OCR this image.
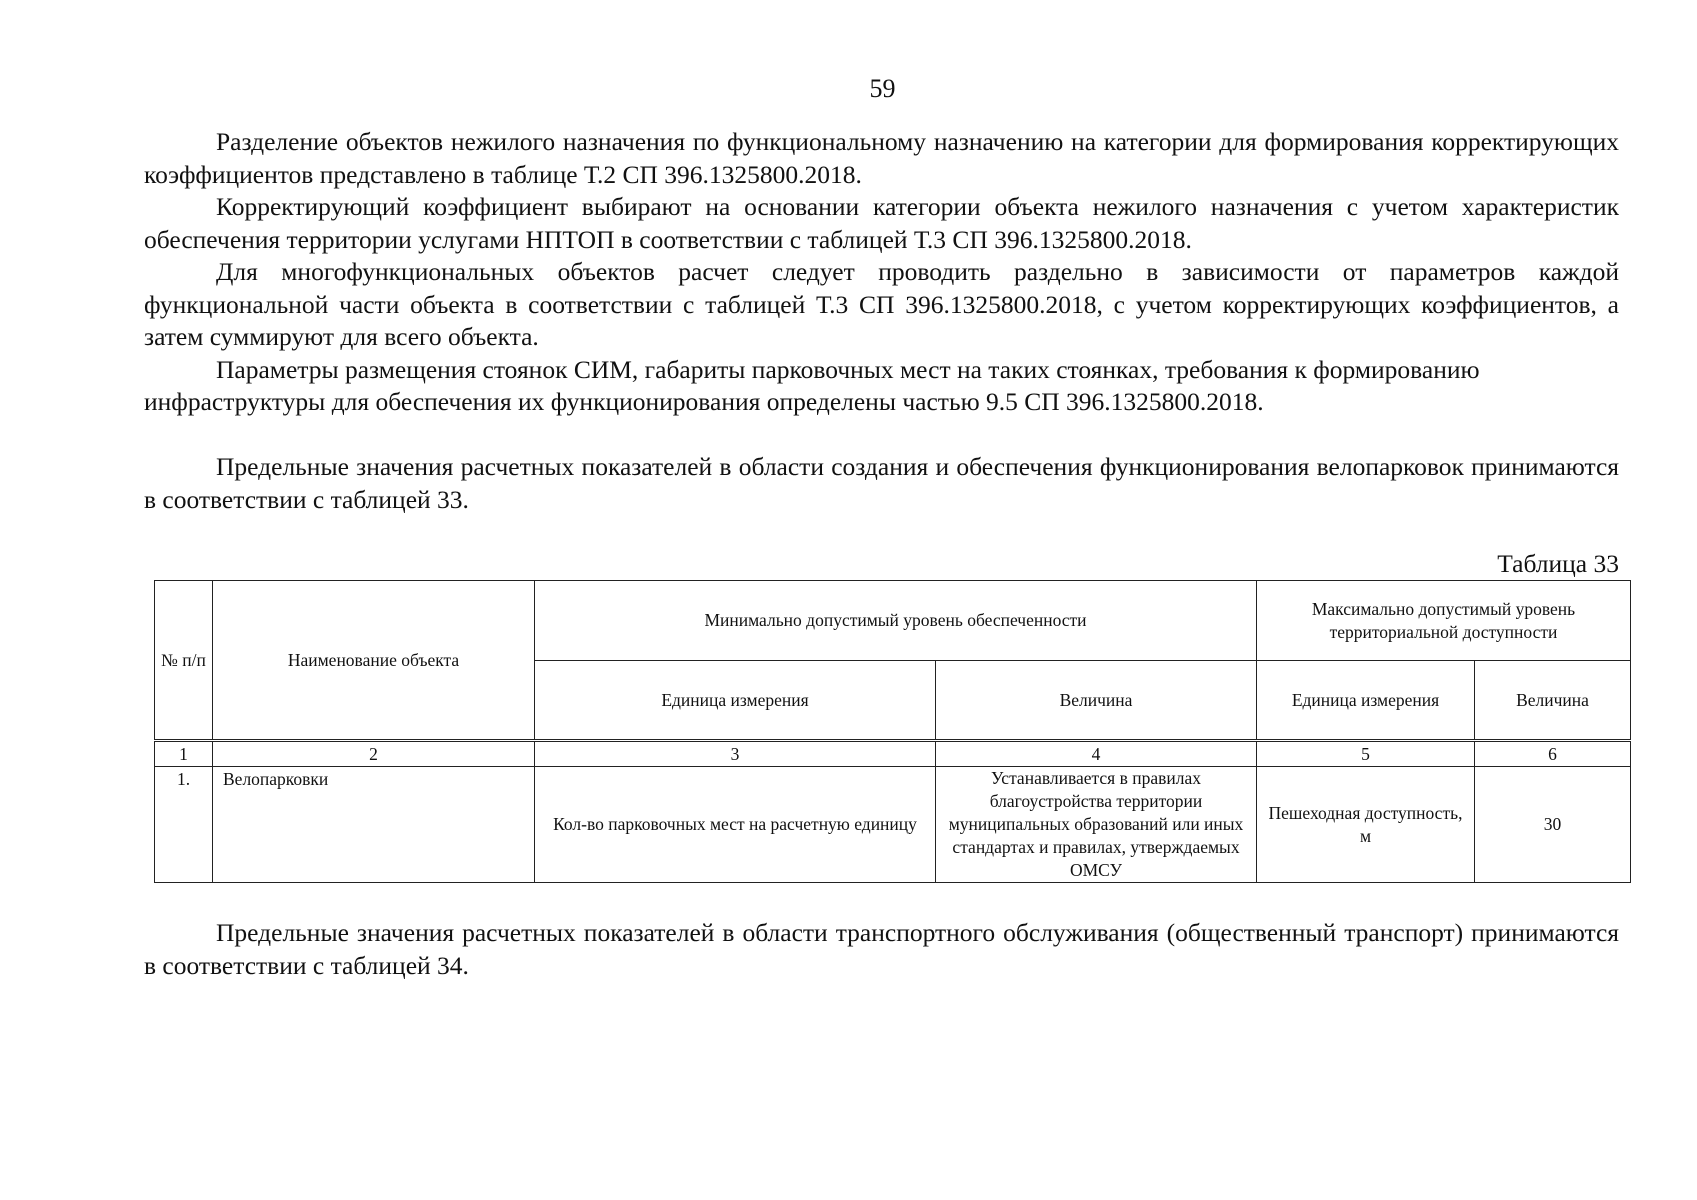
59

Разделение объектов нежилого назначения по функциональному назначению на категории для формирования корректирующих коэффициентов представлено в таблице Т.2 СП 396.1325800.2018.

Корректирующий коэффициент выбирают на основании категории объекта нежилого назначения с учетом характеристик обеспечения территории услугами НПТОП в соответствии с таблицей Т.3 СП 396.1325800.2018.

Для многофункциональных объектов расчет следует проводить раздельно в зависимости от параметров каждой функциональной части объекта в соответствии с таблицей Т.3 СП 396.1325800.2018, с учетом корректирующих коэффициентов, а затем суммируют для всего объекта.

Параметры размещения стоянок СИМ, габариты парковочных мест на таких стоянках, требования к формированию инфраструктуры для обеспечения их функционирования определены частью 9.5 СП 396.1325800.2018.

Предельные значения расчетных показателей в области создания и обеспечения функционирования велопарковок принимаются в соответствии с таблицей 33.

Таблица 33
№ п/п	Наименование объекта	Минимально допустимый уровень обеспеченности		Максимально допустимый уровень территориальной доступности	
		Единица измерения	Величина	Единица измерения	Величина
1	2	3	4	5	6
1.	Велопарковки	Кол-во парковочных мест на расчетную единицу	Устанавливается в правилах благоустройства территории муниципальных образований или иных стандартах и правилах, утверждаемых ОМСУ	Пешеходная доступность, м	30

Предельные значения расчетных показателей в области транспортного обслуживания (общественный транспорт) принимаются в соответствии с таблицей 34.
